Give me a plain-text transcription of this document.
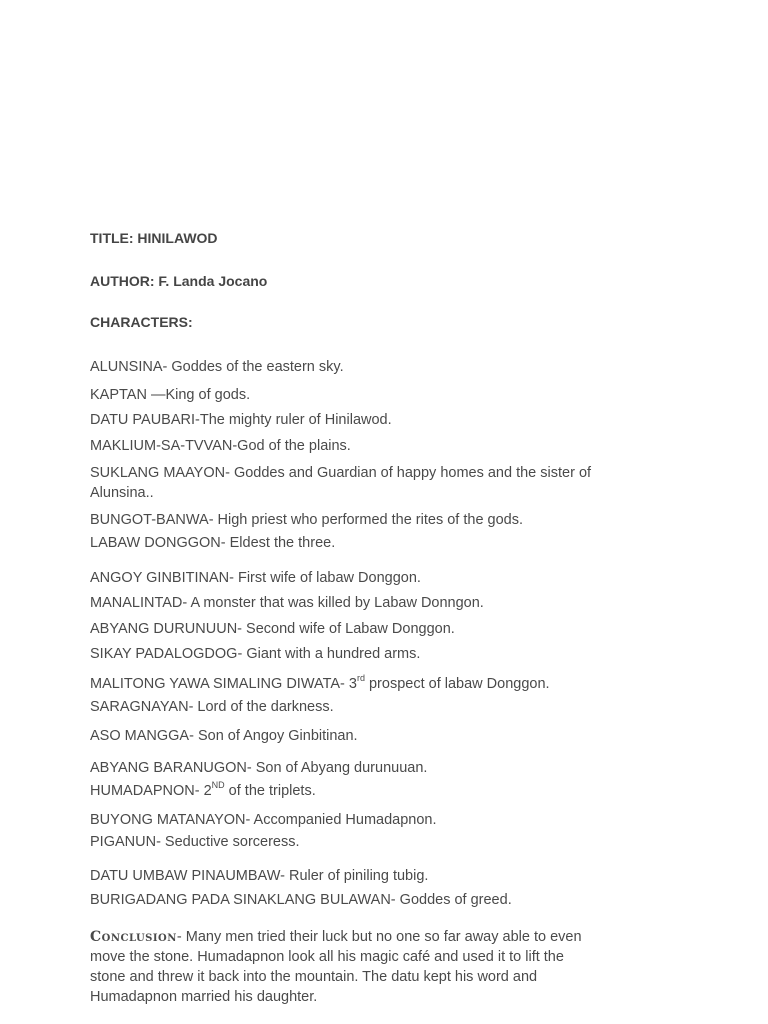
TITLE: HINILAWOD
AUTHOR: F. Landa Jocano
CHARACTERS:
ALUNSINA- Goddes of the eastern sky.
KAPTAN —King of gods.
DATU PAUBARI-The mighty ruler of Hinilawod.
MAKLIUM-SA-TVVAN-God of the plains.
SUKLANG MAAYON- Goddes and Guardian of happy homes and the sister of Alunsina..
BUNGOT-BANWA- High priest who performed the rites of the gods.
LABAW DONGGON- Eldest the three.
ANGOY GINBITINAN- First wife of labaw Donggon.
MANALINTAD- A monster that was killed by Labaw Donngon.
ABYANG DURUNUUN- Second wife of Labaw Donggon.
SIKAY PADALOGDOG- Giant with a hundred arms.
MALITONG YAWA SIMALING DIWATA- 3rd prospect of labaw Donggon.
SARAGNAYAN- Lord of the darkness.
ASO MANGGA- Son of Angoy Ginbitinan.
ABYANG BARANUGON- Son of Abyang durunuuan.
HUMADAPNON- 2ND of the triplets.
BUYONG MATANAYON- Accompanied Humadapnon.
PIGANUN- Seductive sorceress.
DATU UMBAW PINAUMBAW- Ruler of piniling tubig.
BURIGADANG PADA SINAKLANG BULAWAN- Goddes of greed.
Conclusion- Many men tried their luck but no one so far away able to even move the stone. Humadapnon look all his magic café and used it to lift the stone and threw it back into the mountain. The datu kept his word and Humadapnon married his daughter.
